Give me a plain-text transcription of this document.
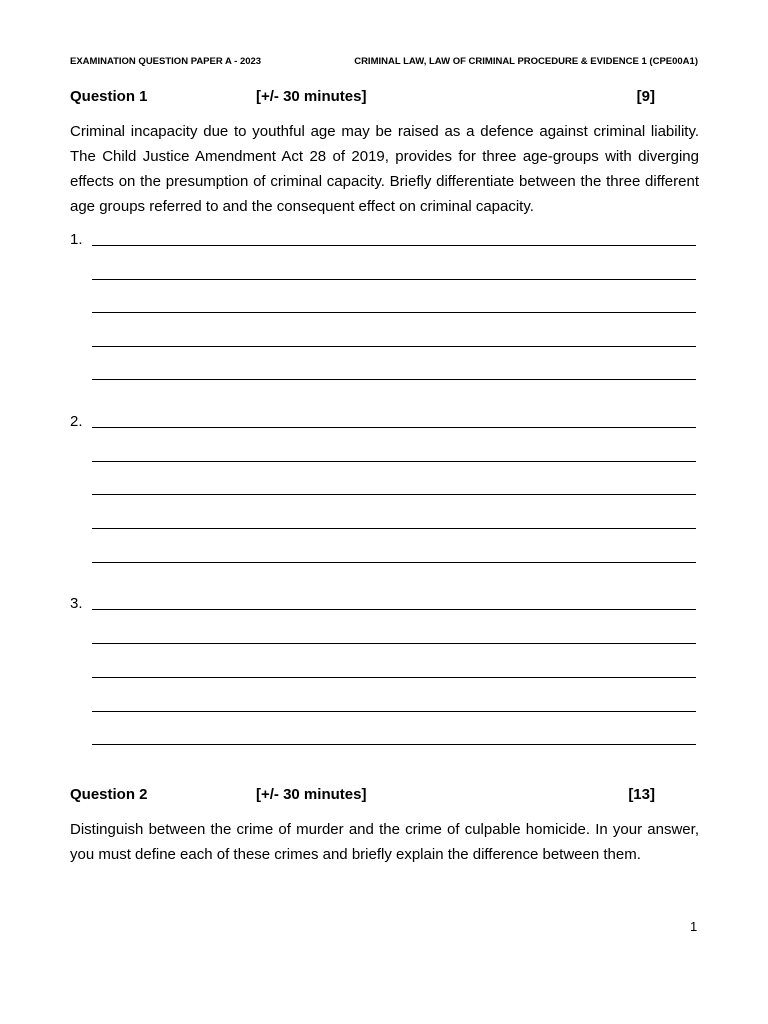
EXAMINATION QUESTION PAPER A - 2023	CRIMINAL LAW, LAW OF CRIMINAL PROCEDURE & EVIDENCE 1 (CPE00A1)
Question 1	[+/- 30 minutes]	[9]
Criminal incapacity due to youthful age may be raised as a defence against criminal liability. The Child Justice Amendment Act 28 of 2019, provides for three age-groups with diverging effects on the presumption of criminal capacity. Briefly differentiate between the three different age groups referred to and the consequent effect on criminal capacity.
1.
2.
3.
Question 2	[+/- 30 minutes]	[13]
Distinguish between the crime of murder and the crime of culpable homicide. In your answer, you must define each of these crimes and briefly explain the difference between them.
1
